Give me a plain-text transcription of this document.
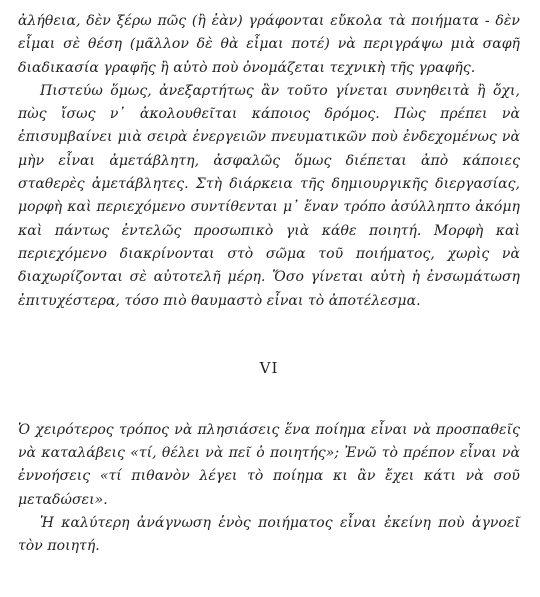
ἀλήθεια, δὲν ξέρω πῶς (ἢ ἐὰν) γράφονται εὔκολα τὰ ποιήματα - δὲν εἶμαι σὲ θέση (μᾶλλον δὲ θὰ εἶμαι ποτέ) νὰ περιγράψω μιὰ σαφῆ διαδικασία γραφῆς ἢ αὐτὸ ποὺ ὀνομάζεται τεχνικὴ τῆς γραφῆς.

Πιστεύω ὅμως, ἀνεξαρτήτως ἂν τοῦτο γίνεται συνηθειτὰ ἢ ὄχι, πὼς ἴσως ν᾽ ἀκολουθεῖται κάποιος δρόμος. Πὼς πρέπει νὰ ἐπισυμβαίνει μιὰ σειρὰ ἐνεργειῶν πνευματικῶν ποὺ ἐνδεχομένως νὰ μὴν εἶναι ἀμετάβλητη, ἀσφαλῶς ὅμως διέπεται ἀπὸ κάποιες σταθερὲς ἀμετάβλητες. Στὴ διάρκεια τῆς δημιουργικῆς διεργασίας, μορφὴ καὶ περιεχόμενο συντίθενται μ᾽ ἕναν τρόπο ἀσύλληπτο ἀκόμη καὶ πάντως ἐντελῶς προσωπικὸ γιὰ κάθε ποιητή. Μορφὴ καὶ περιεχόμενο διακρίνονται στὸ σῶμα τοῦ ποιήματος, χωρὶς νὰ διαχωρίζονται σὲ αὐτοτελῆ μέρη. Ὅσο γίνεται αὐτὴ ἡ ἐνσωμάτωση ἐπιτυχέστερα, τόσο πιὸ θαυμαστὸ εἶναι τὸ ἀποτέλεσμα.

VI

Ὁ χειρότερος τρόπος νὰ πλησιάσεις ἕνα ποίημα εἶναι νὰ προσπαθεῖς νὰ καταλάβεις «τί, θέλει νὰ πεῖ ὁ ποιητής»; Ἐνῶ τὸ πρέπον εἶναι νὰ ἐννοήσεις «τί πιθανὸν λέγει τὸ ποίημα κι ἂν ἔχει κάτι νὰ σοῦ μεταδώσει».

Ἡ καλύτερη ἀνάγνωση ἑνὸς ποιήματος εἶναι ἐκείνη ποὺ ἀγνοεῖ τὸν ποιητή.
